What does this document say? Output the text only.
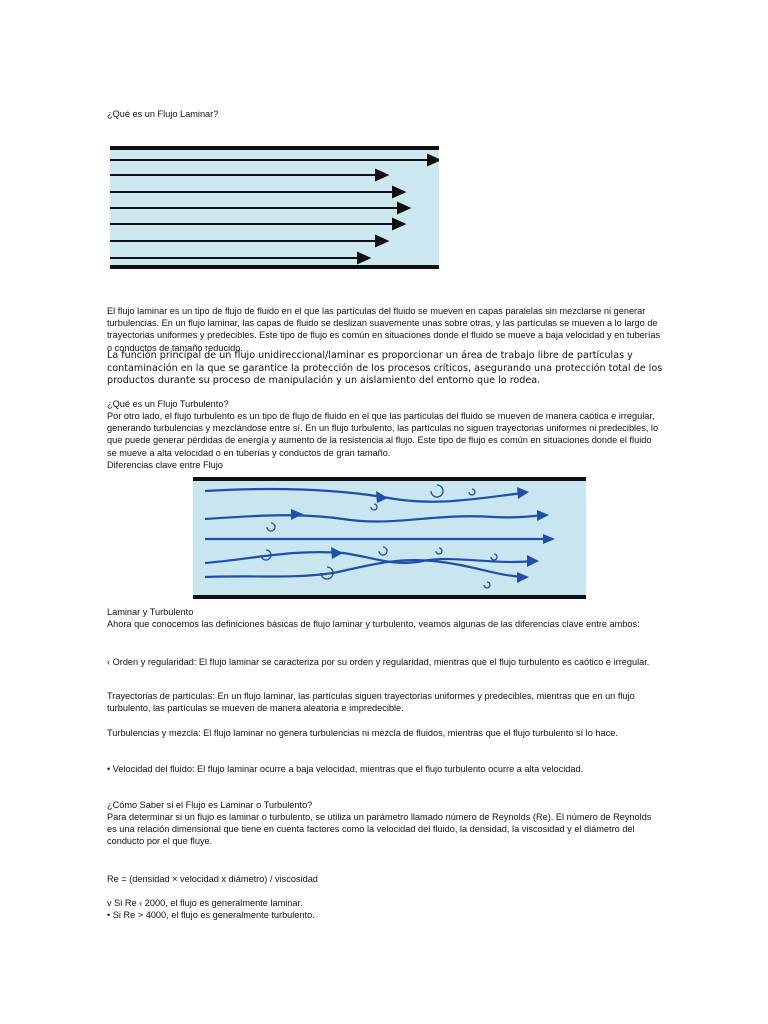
¿Qué es un Flujo Laminar?

El flujo laminar es un tipo de flujo de fluido en el que las partículas del fluido se mueven en capas paralelas sin mezclarse ni generar turbulencias. En un flujo laminar, las capas de fluido se deslizan suavemente unas sobre otras, y las partículas se mueven a lo largo de trayectorias uniformes y predecibles. Este tipo de flujo es común en situaciones donde el fluido se mueve a baja velocidad y en tuberías o conductos de tamaño reducido.

La función principal de un flujo unidireccional/laminar es proporcionar un área de trabajo libre de partículas y contaminación en la que se garantice la protección de los procesos críticos, asegurando una protección total de los productos durante su proceso de manipulación y un aislamiento del entorno que lo rodea.

¿Qué es un Flujo Turbulento?

Por otro lado, el flujo turbulento es un tipo de flujo de fluido en el que las partículas del fluido se mueven de manera caótica e irregular, generando turbulencias y mezclándose entre sí. En un flujo turbulento, las partículas no siguen trayectorias uniformes ni predecibles, lo que puede generar pérdidas de energía y aumento de la resistencia al flujo. Este tipo de flujo es común en situaciones donde el fluido se mueve a alta velocidad o en tuberías y conductos de gran tamaño.

Diferencias clave entre Flujo

Laminar y Turbulento

Ahora que conocemos las definiciones básicas de flujo laminar y turbulento, veamos algunas de las diferencias clave entre ambos:

‹ Orden y regularidad: El flujo laminar se caracteriza por su orden y regularidad, mientras que el flujo turbulento es caótico e irregular.

Trayectorias de partículas: En un flujo laminar, las partículas siguen trayectorias uniformes y predecibles, mientras que en un flujo turbulento, las partículas se mueven de manera aleatoria e impredecible.

Turbulencias y mezcla: El flujo laminar no genera turbulencias ni mezcla de fluidos, mientras que el flujo turbulento sí lo hace.

• Velocidad del fluido: El flujo laminar ocurre a baja velocidad, mientras que el flujo turbulento ocurre a alta velocidad.

¿Cómo Saber si el Flujo es Laminar o Turbulento?

Para determinar si un flujo es laminar o turbulento, se utiliza un parámetro llamado número de Reynolds (Re). El número de Reynolds es una relación dimensional que tiene en cuenta factores como la velocidad del fluido, la densidad, la viscosidad y el diámetro del conducto por el que fluye.

Re = (densidad × velocidad x diámetro) / viscosidad

v Si Re ‹ 2000, el flujo es generalmente laminar.

• Si Re > 4000, el flujo es generalmente turbulento.
